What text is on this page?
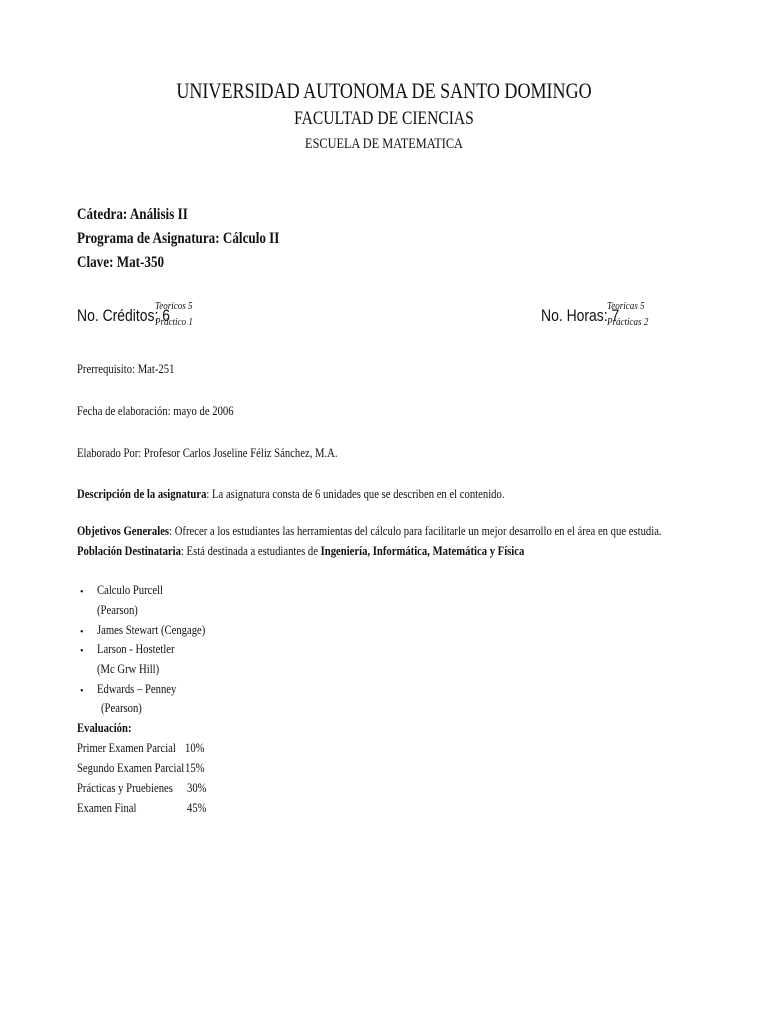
UNIVERSIDAD AUTONOMA DE SANTO DOMINGO
FACULTAD DE CIENCIAS
ESCUELA DE MATEMATICA
Cátedra: Análisis II
Programa de Asignatura: Cálculo II
Clave: Mat-350
No. Créditos: 6
Teoricos 5
Práctico 1	No. Horas: 7
Teoricas 5
Prácticas 2
Prerrequisito: Mat-251
Fecha de elaboración: mayo de 2006
Elaborado Por: Profesor Carlos Joseline Féliz Sánchez, M.A.
Descripción de la asignatura: La asignatura consta de 6 unidades que se describen en el contenido.
Objetivos Generales: Ofrecer a los estudiantes las herramientas del cálculo para facilitarle un mejor desarrollo en el área en que estudia.
Población Destinataria: Está destinada a estudiantes de Ingeniería, Informática, Matemática y Física
• Calculo Purcell
(Pearson)
• James Stewart (Cengage)
• Larson - Hostetler
(Mc Grw Hill)
• Edwards – Penney
(Pearson)
Evaluación:
Primer Examen Parcial 10%
Segundo Examen Parcial 15%
Prácticas y Pruebienes 30%
Examen Final	45%
